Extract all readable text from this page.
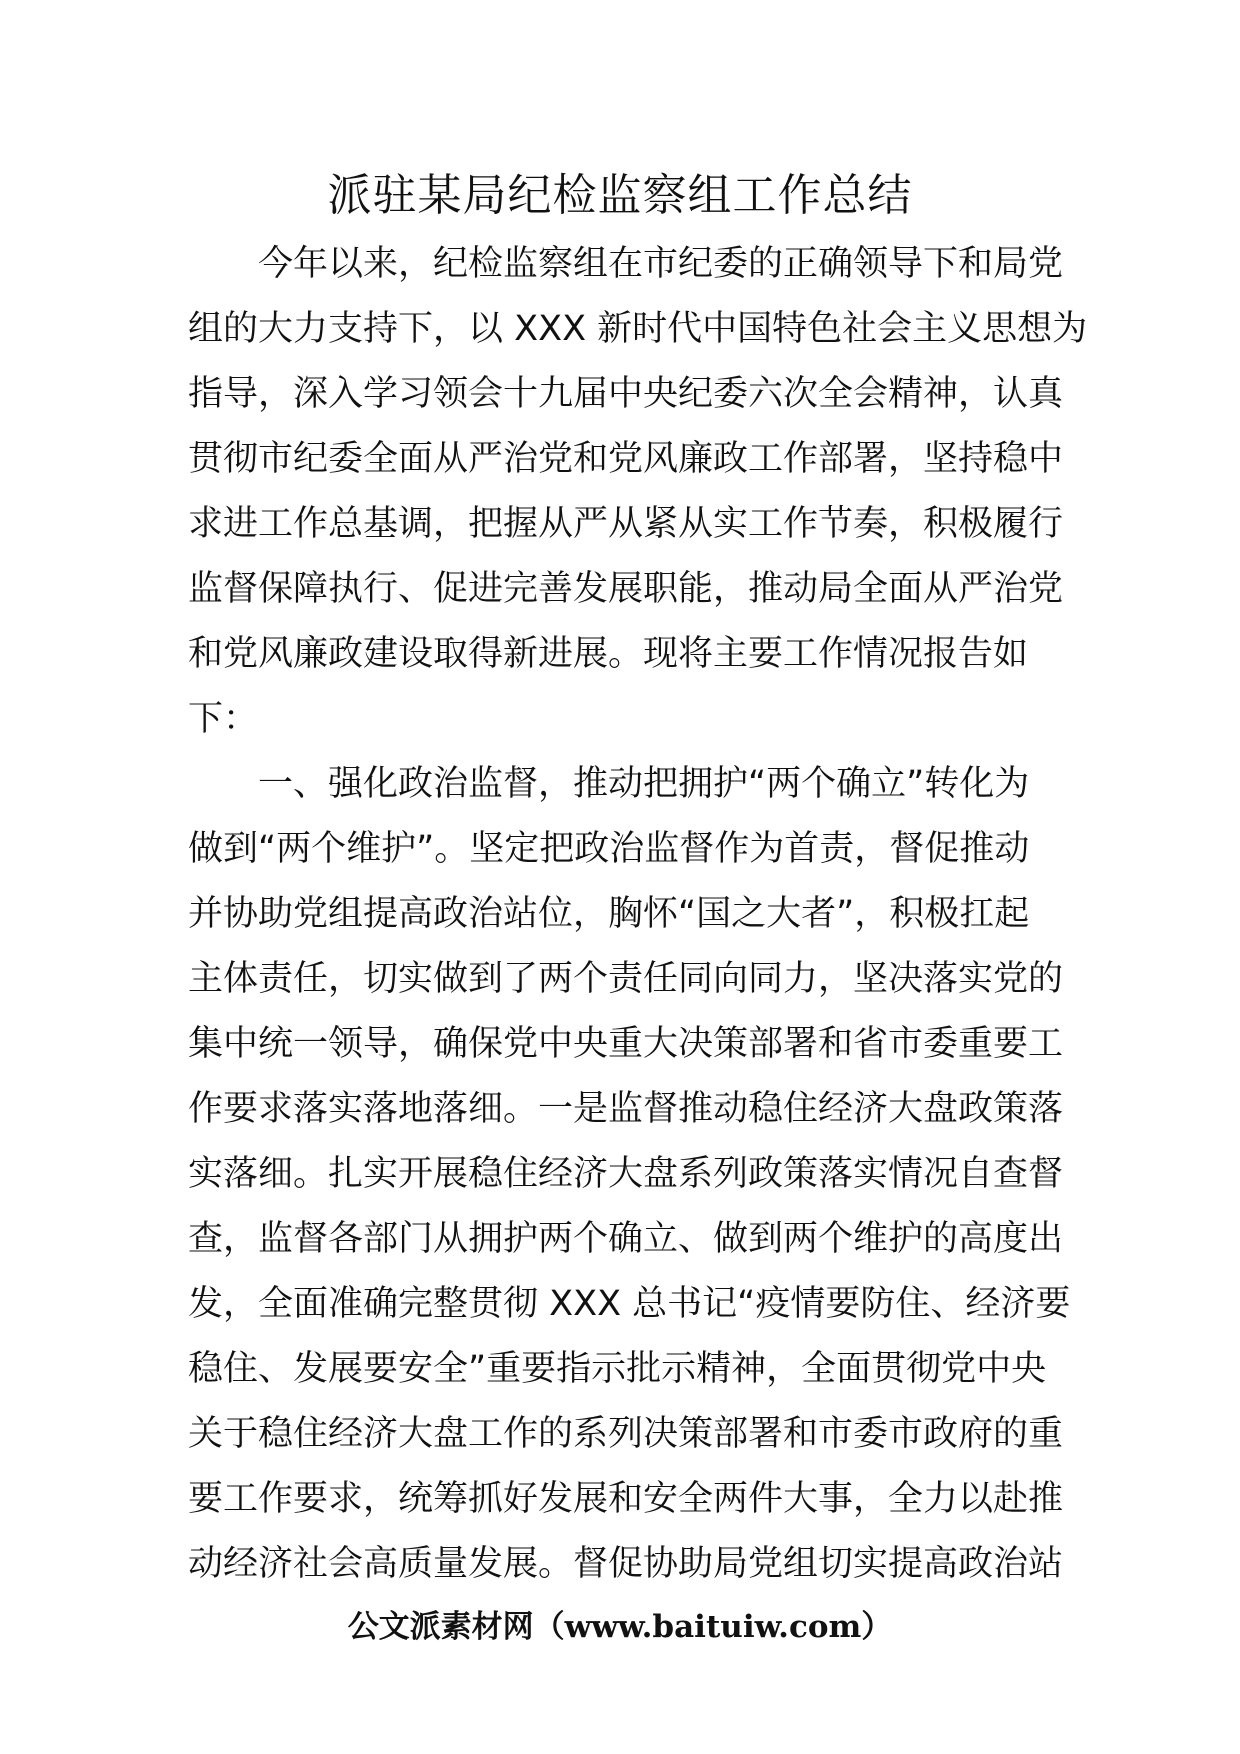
派驻某局纪检监察组工作总结
　　今年以来，纪检监察组在市纪委的正确领导下和局党
组的大力支持下，以 XXX 新时代中国特色社会主义思想为
指导，深入学习领会十九届中央纪委六次全会精神，认真
贯彻市纪委全面从严治党和党风廉政工作部署，坚持稳中
求进工作总基调，把握从严从紧从实工作节奏，积极履行
监督保障执行、促进完善发展职能，推动局全面从严治党
和党风廉政建设取得新进展。现将主要工作情况报告如
下：
　　一、强化政治监督，推动把拥护“两个确立”转化为
做到“两个维护”。坚定把政治监督作为首责，督促推动
并协助党组提高政治站位，胸怀“国之大者”，积极扛起
主体责任，切实做到了两个责任同向同力，坚决落实党的
集中统一领导，确保党中央重大决策部署和省市委重要工
作要求落实落地落细。一是监督推动稳住经济大盘政策落
实落细。扎实开展稳住经济大盘系列政策落实情况自查督
查，监督各部门从拥护两个确立、做到两个维护的高度出
发，全面准确完整贯彻 XXX 总书记“疫情要防住、经济要
稳住、发展要安全”重要指示批示精神，全面贯彻党中央
关于稳住经济大盘工作的系列决策部署和市委市政府的重
要工作要求，统筹抓好发展和安全两件大事，全力以赴推
动经济社会高质量发展。督促协助局党组切实提高政治站
公文派素材网（www.baituiw.com）
